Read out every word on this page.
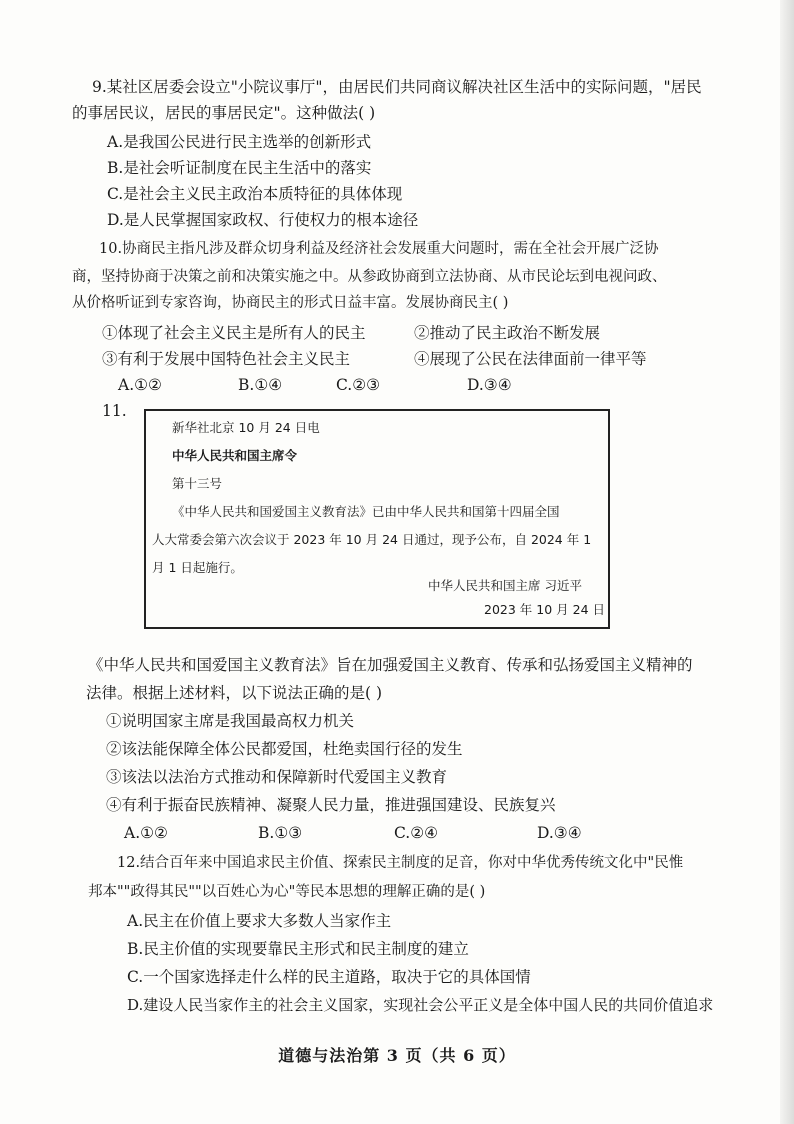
9.某社区居委会设立"小院议事厅"，由居民们共同商议解决社区生活中的实际问题，"居民
的事居民议，居民的事居民定"。这种做法( )
A.是我国公民进行民主选举的创新形式
B.是社会听证制度在民主生活中的落实
C.是社会主义民主政治本质特征的具体体现
D.是人民掌握国家政权、行使权力的根本途径
10.协商民主指凡涉及群众切身利益及经济社会发展重大问题时，需在全社会开展广泛协
商，坚持协商于决策之前和决策实施之中。从参政协商到立法协商、从市民论坛到电视问政、
从价格听证到专家咨询，协商民主的形式日益丰富。发展协商民主( )
①体现了社会主义民主是所有人的民主	②推动了民主政治不断发展
③有利于发展中国特色社会主义民主	④展现了公民在法律面前一律平等
A.①②	B.①④	C.②③	D.③④
11.
新华社北京 10 月 24 日电
中华人民共和国主席令
第十三号
《中华人民共和国爱国主义教育法》已由中华人民共和国第十四届全国
人大常委会第六次会议于 2023 年 10 月 24 日通过，现予公布，自 2024 年 1
月 1 日起施行。
中华人民共和国主席 习近平
2023 年 10 月 24 日
《中华人民共和国爱国主义教育法》旨在加强爱国主义教育、传承和弘扬爱国主义精神的
法律。根据上述材料，以下说法正确的是( )
①说明国家主席是我国最高权力机关
②该法能保障全体公民都爱国，杜绝卖国行径的发生
③该法以法治方式推动和保障新时代爱国主义教育
④有利于振奋民族精神、凝聚人民力量，推进强国建设、民族复兴
A.①②	B.①③	C.②④	D.③④
12.结合百年来中国追求民主价值、探索民主制度的足音，你对中华优秀传统文化中"民惟
邦本""政得其民""以百姓心为心"等民本思想的理解正确的是( )
A.民主在价值上要求大多数人当家作主
B.民主价值的实现要靠民主形式和民主制度的建立
C.一个国家选择走什么样的民主道路，取决于它的具体国情
D.建设人民当家作主的社会主义国家，实现社会公平正义是全体中国人民的共同价值追求
道德与法治第 3 页（共 6 页）
